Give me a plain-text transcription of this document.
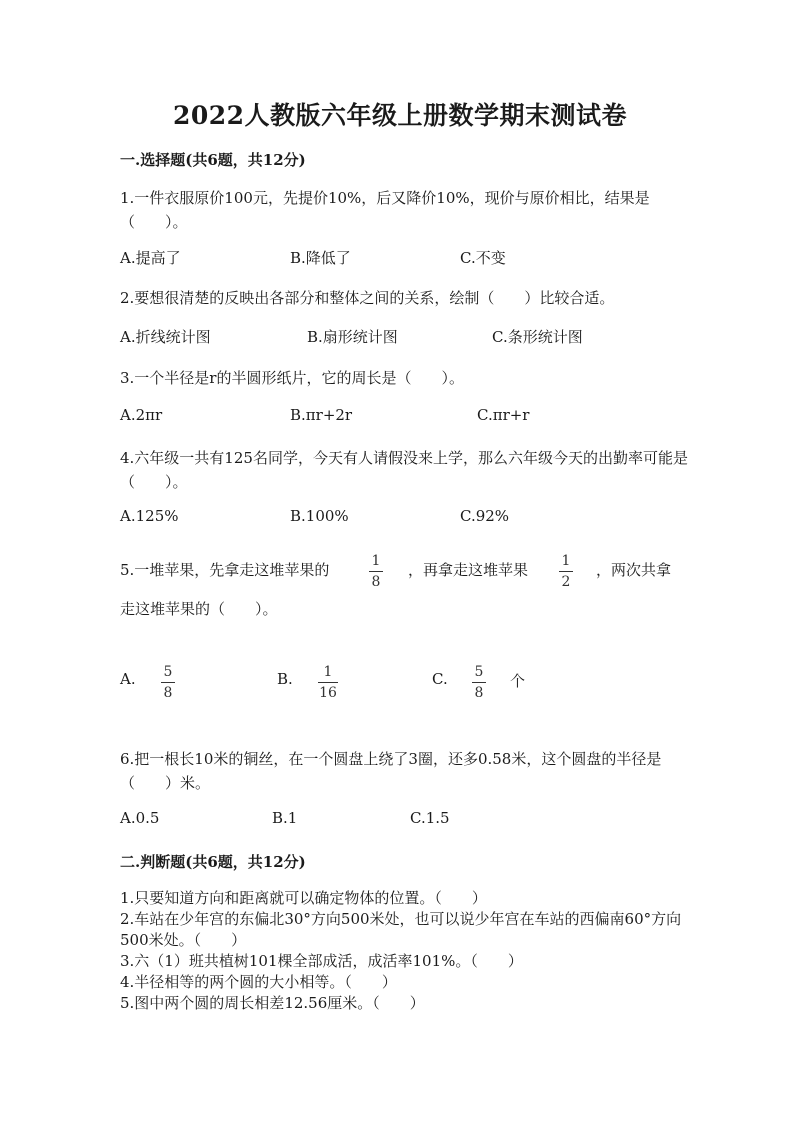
2022人教版六年级上册数学期末测试卷
一.选择题(共6题，共12分)
1.一件衣服原价100元，先提价10%，后又降价10%，现价与原价相比，结果是（　　）。
A.提高了	B.降低了	C.不变
2.要想很清楚的反映出各部分和整体之间的关系，绘制（　　）比较合适。
A.折线统计图	B.扇形统计图	C.条形统计图
3.一个半径是r的半圆形纸片，它的周长是（　　）。
A.2πr	B.πr+2r	C.πr+r
4.六年级一共有125名同学，今天有人请假没来上学，那么六年级今天的出勤率可能是（　　）。
A.125%	B.100%	C.92%
5.一堆苹果，先拿走这堆苹果的	1
8
，再拿走这堆苹果 1
2
，两次共拿
走这堆苹果的（　　）。
A. 5
8
B. 1
16
C. 5
8
个
6.把一根长10米的铜丝，在一个圆盘上绕了3圈，还多0.58米，这个圆盘的半径是（　　）米。
A.0.5	B.1	C.1.5
二.判断题(共6题，共12分)
1.只要知道方向和距离就可以确定物体的位置。（　　）
2.车站在少年宫的东偏北30°方向500米处，也可以说少年宫在车站的西偏南60°方向500米处。（　　）
3.六（1）班共植树101棵全部成活，成活率101%。（　　）
4.半径相等的两个圆的大小相等。（　　）
5.图中两个圆的周长相差12.56厘米。（　　）
